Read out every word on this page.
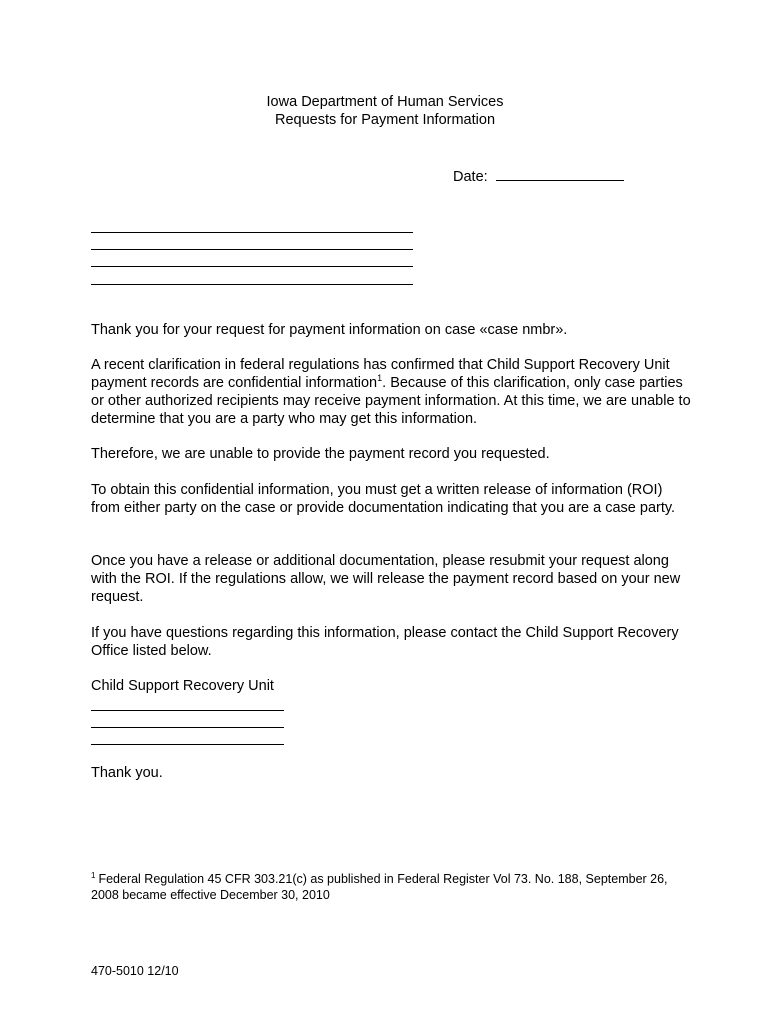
Iowa Department of Human Services
Requests for Payment Information
Date:

Thank you for your request for payment information on case «case nmbr».

A recent clarification in federal regulations has confirmed that Child Support Recovery Unit payment records are confidential information$^1$. Because of this clarification, only case parties or other authorized recipients may receive payment information. At this time, we are unable to determine that you are a party who may get this information.

Therefore, we are unable to provide the payment record you requested.

To obtain this confidential information, you must get a written release of information (ROI) from either party on the case or provide documentation indicating that you are a case party.

Once you have a release or additional documentation, please resubmit your request along with the ROI. If the regulations allow, we will release the payment record based on your new request.

If you have questions regarding this information, please contact the Child Support Recovery Office listed below.

Child Support Recovery Unit

Thank you.

$^1$ Federal Regulation 45 CFR 303.21(c) as published in Federal Register Vol 73. No. 188, September 26, 2008 became effective December 30, 2010
470-5010 12/10
